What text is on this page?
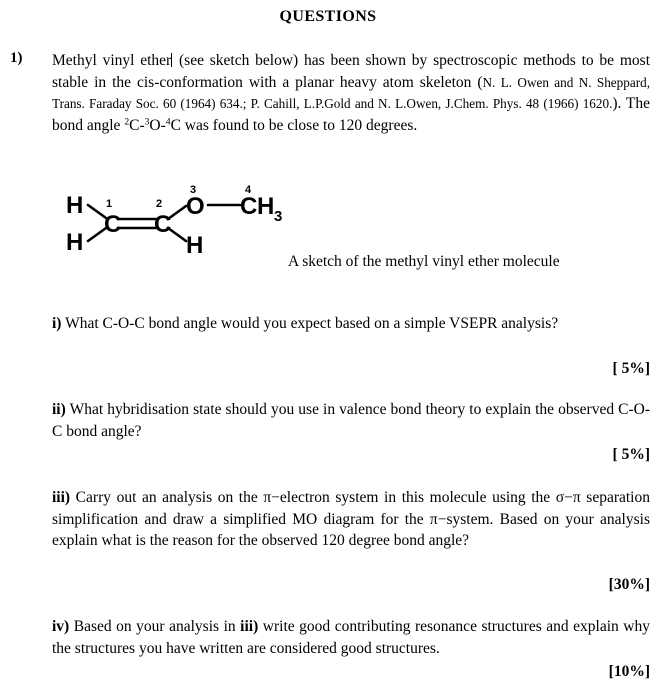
QUESTIONS
1) Methyl vinyl ether (see sketch below) has been shown by spectroscopic methods to be most stable in the cis-conformation with a planar heavy atom skeleton (N. L. Owen and N. Sheppard, Trans. Faraday Soc. 60 (1964) 634.; P. Cahill, L.P.Gold and N. L.Owen, J.Chem. Phys. 48 (1966) 1620.). The bond angle $^2$C-$^3$O-$^4$C was found to be close to 120 degrees.
H
H
C C
H
O C H
1	2
3	4
3
A sketch of the methyl vinyl ether molecule

i) What C-O-C bond angle would you expect based on a simple VSEPR analysis?

[ 5%]

ii) What hybridisation state should you use in valence bond theory to explain the observed C-O-C bond angle?

[ 5%]

iii) Carry out an analysis on the π−electron system in this molecule using the σ−π separation simplification and draw a simplified MO diagram for the π−system. Based on your analysis explain what is the reason for the observed 120 degree bond angle?

[30%]

iv) Based on your analysis in iii) write good contributing resonance structures and explain why the structures you have written are considered good structures.

[10%]
